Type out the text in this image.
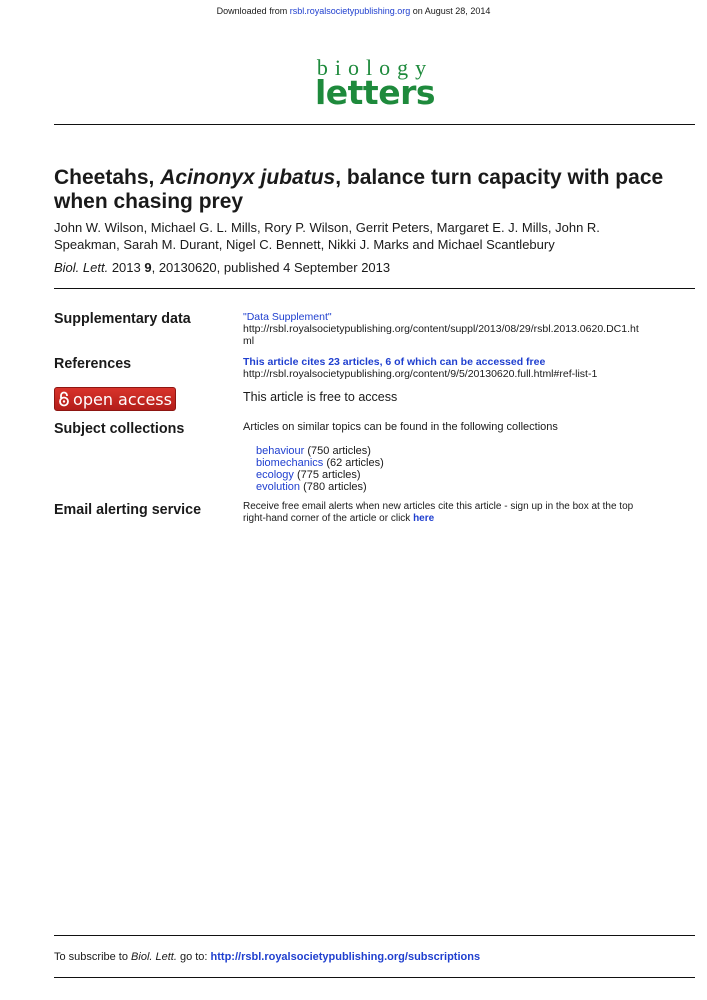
Downloaded from rsbl.royalsocietypublishing.org on August 28, 2014
biology
letters
Cheetahs, Acinonyx jubatus, balance turn capacity with pace
when chasing prey
John W. Wilson, Michael G. L. Mills, Rory P. Wilson, Gerrit Peters, Margaret E. J. Mills, John R.
Speakman, Sarah M. Durant, Nigel C. Bennett, Nikki J. Marks and Michael Scantlebury
Biol. Lett. 2013 9, 20130620, published 4 September 2013
Supplementary data	"Data Supplement"
http://rsbl.royalsocietypublishing.org/content/suppl/2013/08/29/rsbl.2013.0620.DC1.ht
ml
References	This article cites 23 articles, 6 of which can be accessed free
http://rsbl.royalsocietypublishing.org/content/9/5/20130620.full.html#ref-list-1
open access	This article is free to access
Subject collections	Articles on similar topics can be found in the following collections
behaviour (750 articles)
biomechanics (62 articles)
ecology (775 articles)
evolution (780 articles)
Email alerting service	Receive free email alerts when new articles cite this article - sign up in the box at the top
right-hand corner of the article or click here
To subscribe to Biol. Lett. go to: http://rsbl.royalsocietypublishing.org/subscriptions
